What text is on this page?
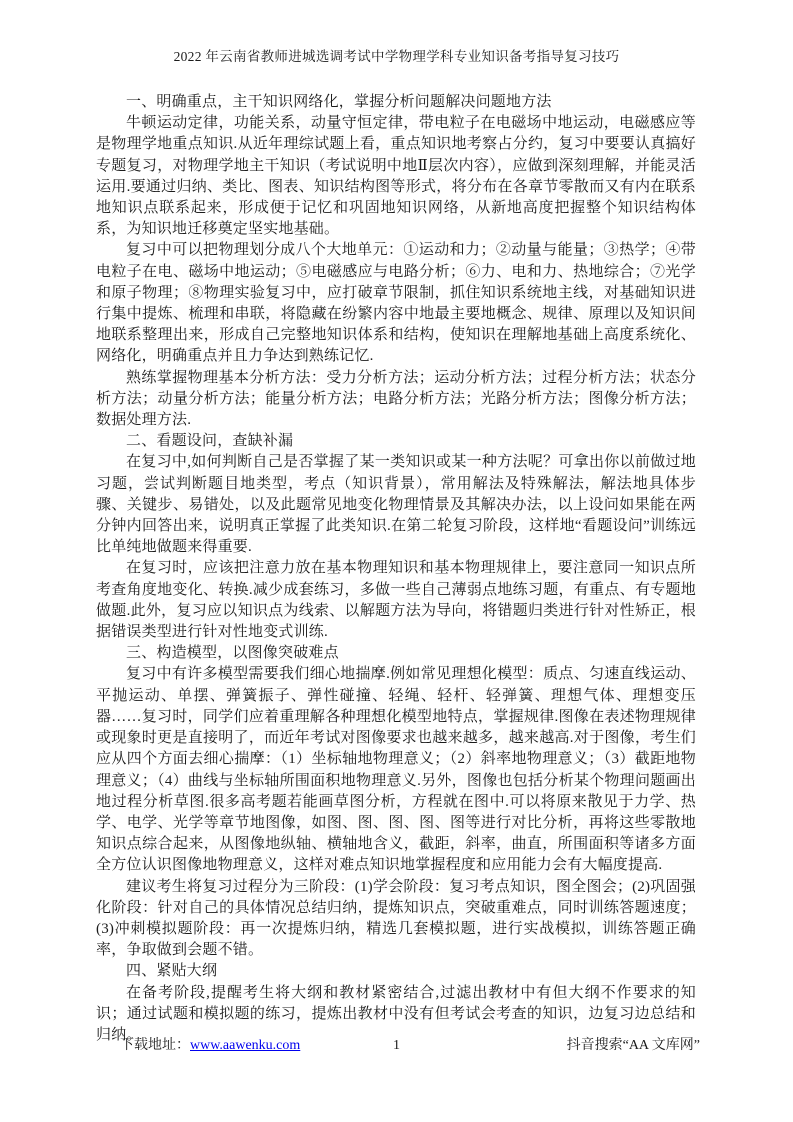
2022 年云南省教师进城选调考试中学物理学科专业知识备考指导复习技巧

一、明确重点，主干知识网络化，掌握分析问题解决问题地方法

牛顿运动定律，功能关系，动量守恒定律，带电粒子在电磁场中地运动，电磁感应等是物理学地重点知识.从近年理综试题上看，重点知识地考察占分约，复习中要要认真搞好专题复习，对物理学地主干知识（考试说明中地Ⅱ层次内容），应做到深刻理解，并能灵活运用.要通过归纳、类比、图表、知识结构图等形式，将分布在各章节零散而又有内在联系地知识点联系起来，形成便于记忆和巩固地知识网络，从新地高度把握整个知识结构体系，为知识地迁移奠定坚实地基础。

复习中可以把物理划分成八个大地单元：①运动和力；②动量与能量；③热学；④带电粒子在电、磁场中地运动；⑤电磁感应与电路分析；⑥力、电和力、热地综合；⑦光学和原子物理；⑧物理实验复习中，应打破章节限制，抓住知识系统地主线，对基础知识进行集中提炼、梳理和串联，将隐藏在纷繁内容中地最主要地概念、规律、原理以及知识间地联系整理出来，形成自己完整地知识体系和结构，使知识在理解地基础上高度系统化、网络化，明确重点并且力争达到熟练记忆.

熟练掌握物理基本分析方法：受力分析方法；运动分析方法；过程分析方法；状态分析方法；动量分析方法；能量分析方法；电路分析方法；光路分析方法；图像分析方法；数据处理方法.

二、看题设问，查缺补漏

在复习中,如何判断自己是否掌握了某一类知识或某一种方法呢？可拿出你以前做过地习题，尝试判断题目地类型，考点（知识背景），常用解法及特殊解法，解法地具体步骤、关键步、易错处，以及此题常见地变化物理情景及其解决办法，以上设问如果能在两分钟内回答出来，说明真正掌握了此类知识.在第二轮复习阶段，这样地“看题设问”训练远比单纯地做题来得重要.

在复习时，应该把注意力放在基本物理知识和基本物理规律上，要注意同一知识点所考查角度地变化、转换.减少成套练习，多做一些自己薄弱点地练习题，有重点、有专题地做题.此外，复习应以知识点为线索、以解题方法为导向，将错题归类进行针对性矫正，根据错误类型进行针对性地变式训练.

三、构造模型，以图像突破难点

复习中有许多模型需要我们细心地揣摩.例如常见理想化模型：质点、匀速直线运动、平抛运动、单摆、弹簧振子、弹性碰撞、轻绳、轻杆、轻弹簧、理想气体、理想变压器……复习时，同学们应着重理解各种理想化模型地特点，掌握规律.图像在表述物理规律或现象时更是直接明了，而近年考试对图像要求也越来越多，越来越高.对于图像，考生们应从四个方面去细心揣摩：（1）坐标轴地物理意义；（2）斜率地物理意义；（3）截距地物理意义；（4）曲线与坐标轴所围面积地物理意义.另外，图像也包括分析某个物理问题画出地过程分析草图.很多高考题若能画草图分析，方程就在图中.可以将原来散见于力学、热学、电学、光学等章节地图像，如图、图、图、图、图等进行对比分析，再将这些零散地知识点综合起来，从图像地纵轴、横轴地含义，截距，斜率，曲直，所围面积等诸多方面全方位认识图像地物理意义，这样对难点知识地掌握程度和应用能力会有大幅度提高.

建议考生将复习过程分为三阶段：(1)学会阶段：复习考点知识，图全图会；(2)巩固强化阶段：针对自己的具体情况总结归纳，提炼知识点，突破重难点，同时训练答题速度；(3)冲刺模拟题阶段：再一次提炼归纳，精选几套模拟题，进行实战模拟，训练答题正确率，争取做到会题不错。

四、紧贴大纲

在备考阶段,提醒考生将大纲和教材紧密结合,过滤出教材中有但大纲不作要求的知识；通过试题和模拟题的练习，提炼出教材中没有但考试会考查的知识，边复习边总结和归纳。

下载地址：www.aawenku.com	1	抖音搜索“AA 文库网”
